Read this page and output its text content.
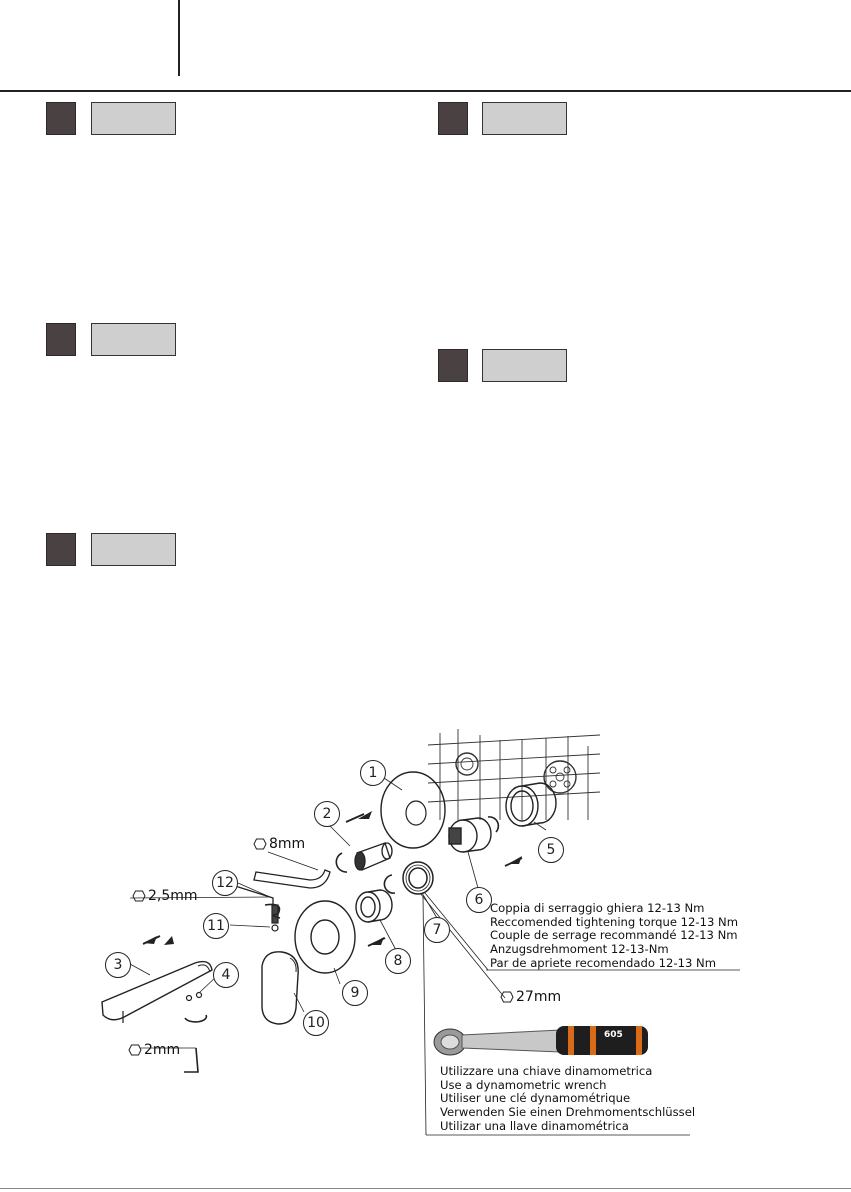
605
1
2
3
4
5
6
7
8
9
10
11
12
8mm
2,5mm
27mm
2mm
Coppia di serraggio ghiera 12-13 Nm
Reccomended tightening torque 12-13 Nm
Couple de serrage recommandé 12-13 Nm
Anzugsdrehmoment 12-13-Nm
Par de apriete recomendado 12-13 Nm
Utilizzare una chiave dinamometrica
Use a dynamometric wrench
Utiliser une clé dynamométrique
Verwenden Sie einen Drehmomentschlüssel
Utilizar una llave dinamométrica
